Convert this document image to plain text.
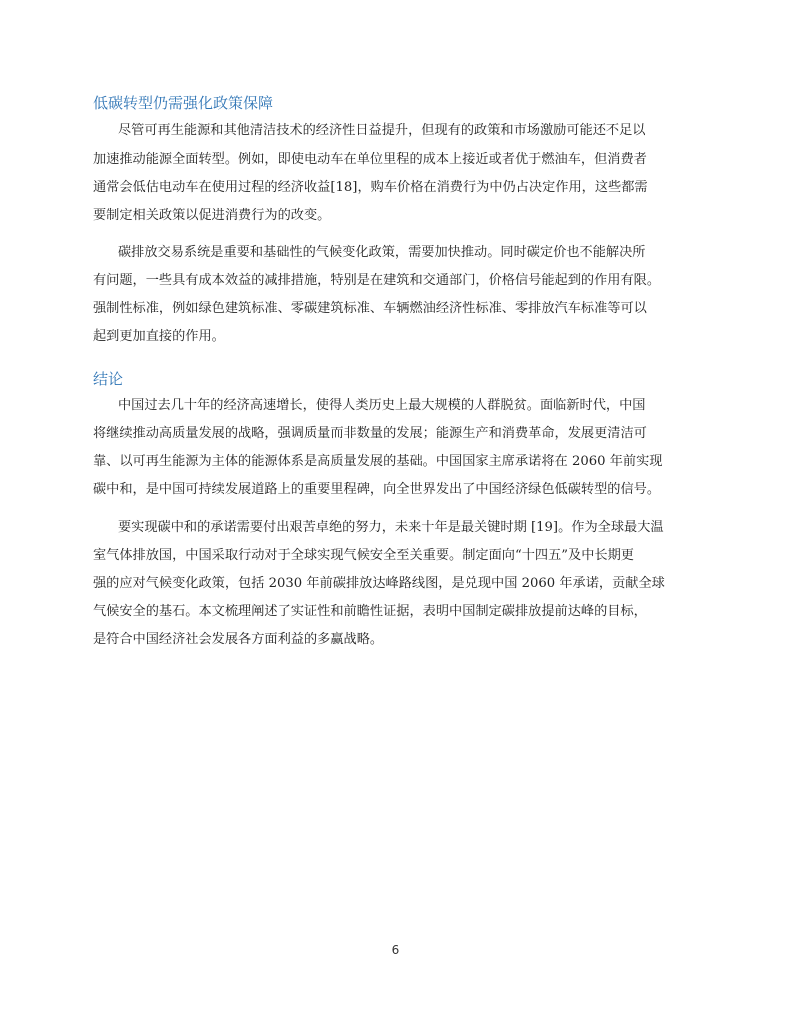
低碳转型仍需强化政策保障
尽管可再生能源和其他清洁技术的经济性日益提升，但现有的政策和市场激励可能还不足以
加速推动能源全面转型。例如，即使电动车在单位里程的成本上接近或者优于燃油车，但消费者
通常会低估电动车在使用过程的经济收益[18]，购车价格在消费行为中仍占决定作用，这些都需
要制定相关政策以促进消费行为的改变。
碳排放交易系统是重要和基础性的气候变化政策，需要加快推动。同时碳定价也不能解决所
有问题，一些具有成本效益的减排措施，特别是在建筑和交通部门，价格信号能起到的作用有限。
强制性标准，例如绿色建筑标准、零碳建筑标准、车辆燃油经济性标准、零排放汽车标准等可以
起到更加直接的作用。
结论
中国过去几十年的经济高速增长，使得人类历史上最大规模的人群脱贫。面临新时代，中国
将继续推动高质量发展的战略，强调质量而非数量的发展；能源生产和消费革命，发展更清洁可
靠、以可再生能源为主体的能源体系是高质量发展的基础。中国国家主席承诺将在 2060 年前实现
碳中和，是中国可持续发展道路上的重要里程碑，向全世界发出了中国经济绿色低碳转型的信号。
要实现碳中和的承诺需要付出艰苦卓绝的努力，未来十年是最关键时期 [19]。作为全球最大温
室气体排放国，中国采取行动对于全球实现气候安全至关重要。制定面向“十四五”及中长期更
强的应对气候变化政策，包括 2030 年前碳排放达峰路线图，是兑现中国 2060 年承诺，贡献全球
气候安全的基石。本文梳理阐述了实证性和前瞻性证据，表明中国制定碳排放提前达峰的目标，
是符合中国经济社会发展各方面利益的多赢战略。
6
